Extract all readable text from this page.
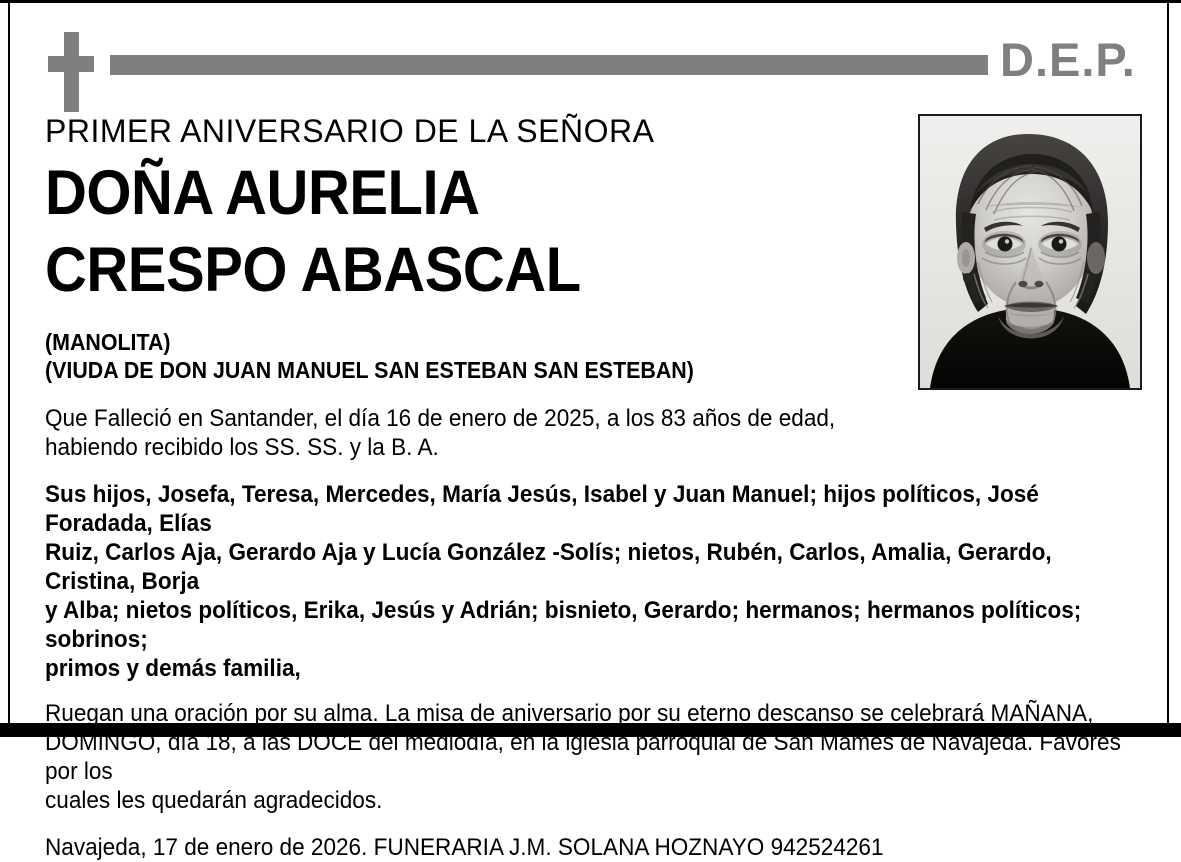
D.E.P.
PRIMER ANIVERSARIO DE LA SEÑORA
DOÑA AURELIA
CRESPO ABASCAL
(MANOLITA)
(VIUDA DE DON JUAN MANUEL SAN ESTEBAN SAN ESTEBAN)
Que Falleció en Santander, el día 16 de enero de 2025, a los 83 años de edad,
habiendo recibido los SS. SS. y la B. A.
Sus hijos, Josefa, Teresa, Mercedes, María Jesús, Isabel y Juan Manuel; hijos políticos, José Foradada, Elías
Ruiz, Carlos Aja, Gerardo Aja y Lucía González -Solís; nietos, Rubén, Carlos, Amalia, Gerardo, Cristina, Borja
y Alba; nietos políticos, Erika, Jesús y Adrián; bisnieto, Gerardo; hermanos; hermanos políticos; sobrinos;
primos y demás familia,
Ruegan una oración por su alma. La misa de aniversario por su eterno descanso se celebrará MAÑANA,
DOMINGO, día 18, a las DOCE del mediodía, en la iglesia parroquial de San Mamés de Navajeda. Favores por los
cuales les quedarán agradecidos.
Navajeda, 17 de enero de 2026. FUNERARIA J.M. SOLANA HOZNAYO 942524261
